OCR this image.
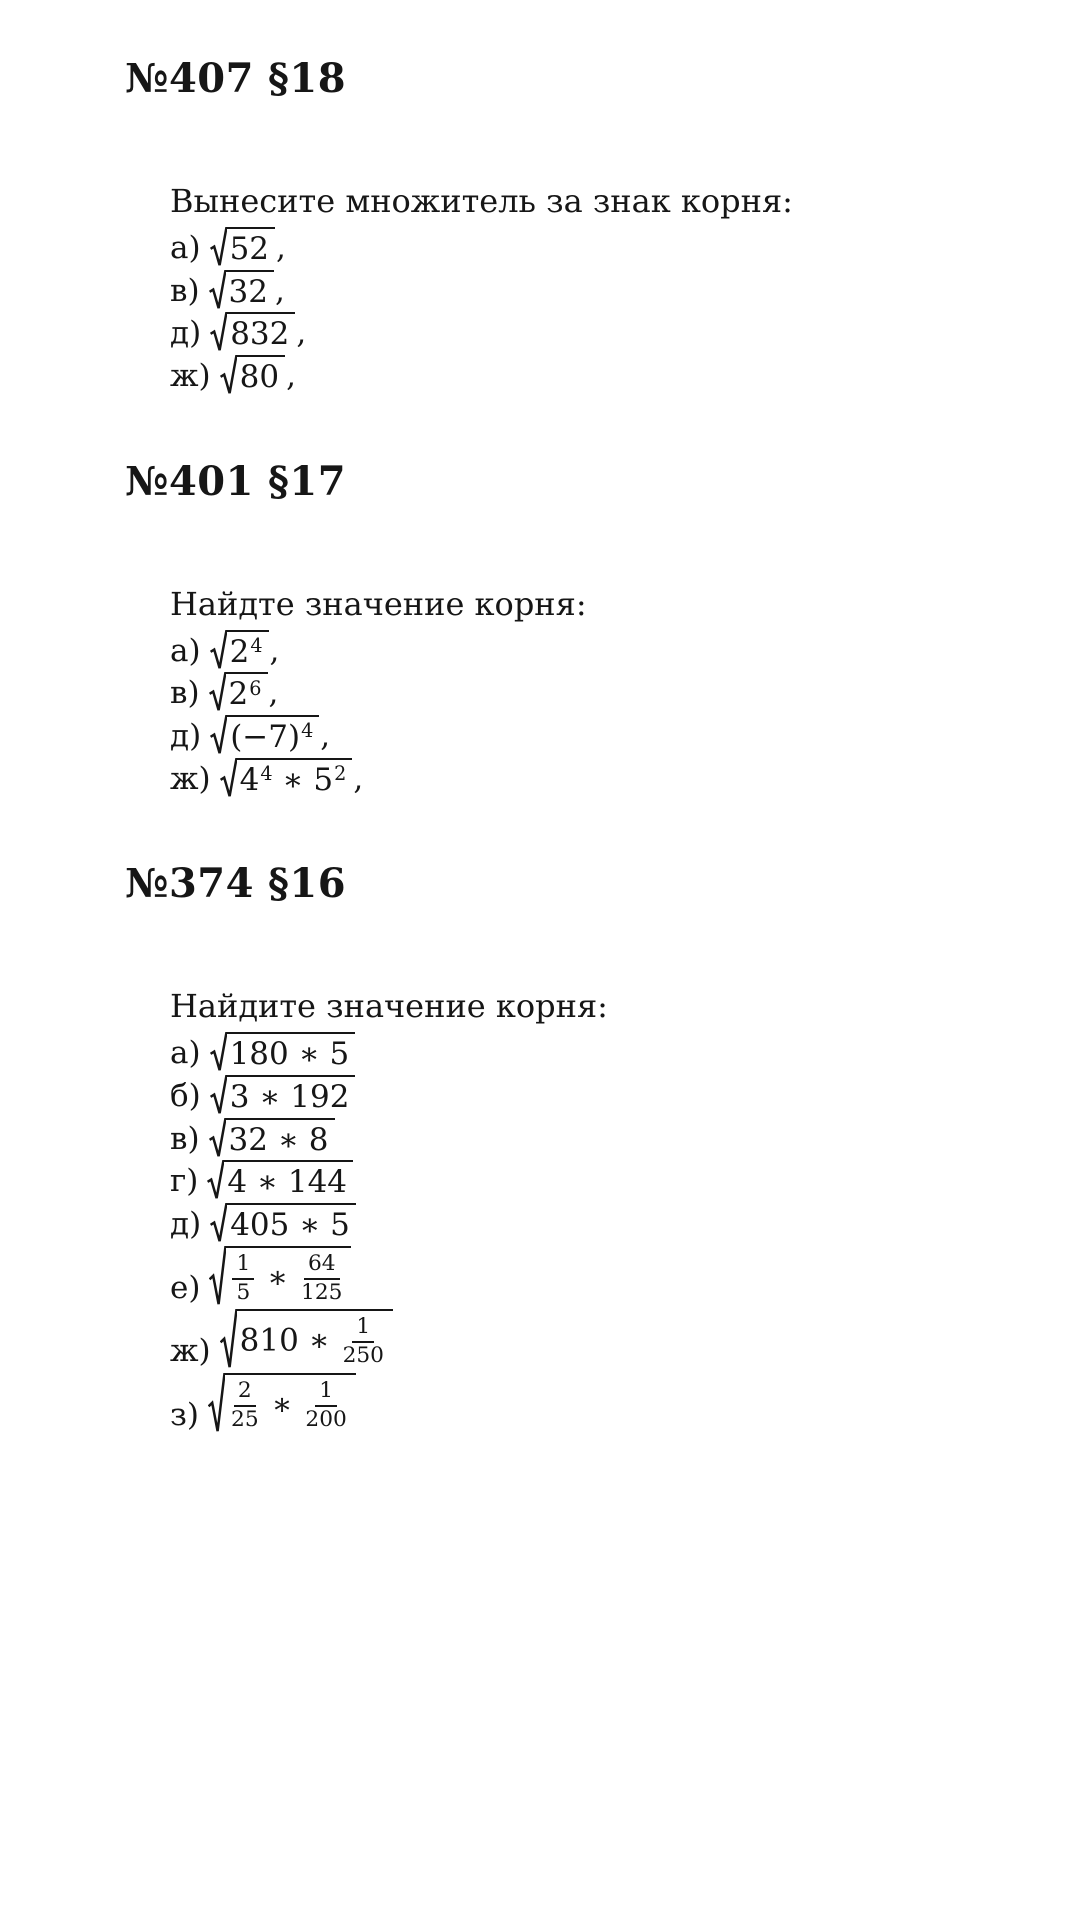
№407 §18

Вынесите множитель за знак корня:

а) 52 ,
в) 32 ,
д) 832 ,
ж) 80 ,
№401 §17

Найдте значение корня:

а) $2^4$ ,
в) $2^6$ ,
д) $(-7)^4$ ,
ж) $4^4$ ∗ $5^2$ ,
№374 §16

Найдите значение корня:

а) 180 ∗ 5
б) 3 ∗ 192
в) 32 ∗ 8
г) 4 ∗ 144
д) 405 ∗ 5
$е) \frac{1}{5}$ ∗ $\frac{64}{125}$
ж) 810 ∗ $\frac{1}{250}$
$з) \frac{2}{25}$ ∗ $\frac{1}{200}$
